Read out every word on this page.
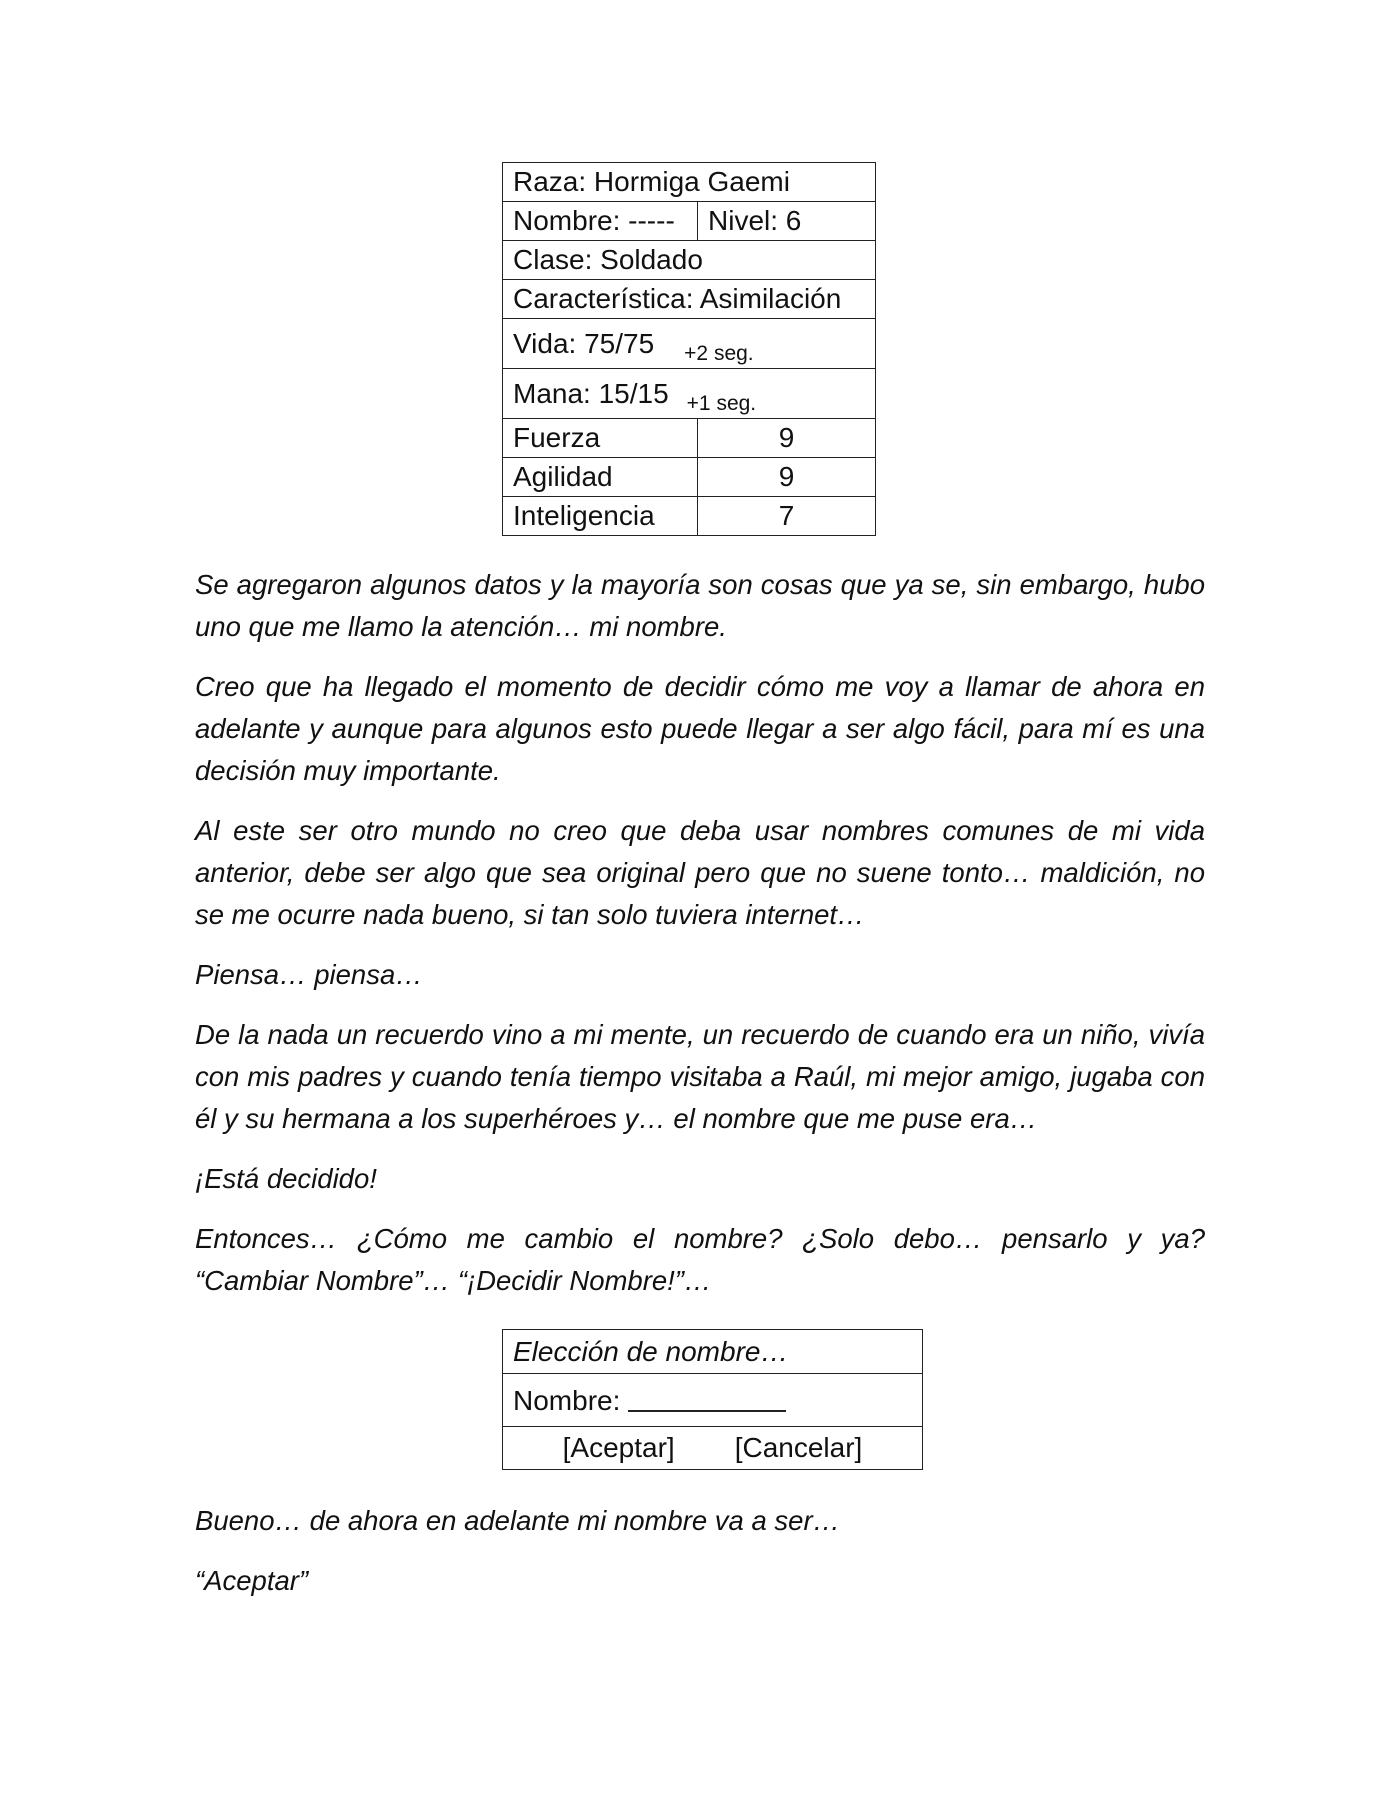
Raza: Hormiga Gaemi	
Nombre: -----	Nivel: 6
Clase: Soldado	
Característica: Asimilación	
Vida: 75/75 $_{+2 seg.}$
Mana: 15/15 $_{+1 seg.}$
Fuerza	9
Agilidad	9
Inteligencia	7

Se agregaron algunos datos y la mayoría son cosas que ya se, sin embargo, hubo uno que me llamo la atención… mi nombre.

Creo que ha llegado el momento de decidir cómo me voy a llamar de ahora en adelante y aunque para algunos esto puede llegar a ser algo fácil, para mí es una decisión muy importante.

Al este ser otro mundo no creo que deba usar nombres comunes de mi vida anterior, debe ser algo que sea original pero que no suene tonto… maldición, no se me ocurre nada bueno, si tan solo tuviera internet…

Piensa… piensa…

De la nada un recuerdo vino a mi mente, un recuerdo de cuando era un niño, vivía con mis padres y cuando tenía tiempo visitaba a Raúl, mi mejor amigo, jugaba con él y su hermana a los superhéroes y… el nombre que me puse era…

¡Está decidido!

Entonces… ¿Cómo me cambio el nombre? ¿Solo debo… pensarlo y ya? “Cambiar Nombre”… “¡Decidir Nombre!”…

Elección de nombre…
Nombre:
[Aceptar] [Cancelar]

Bueno… de ahora en adelante mi nombre va a ser…

“Aceptar”
